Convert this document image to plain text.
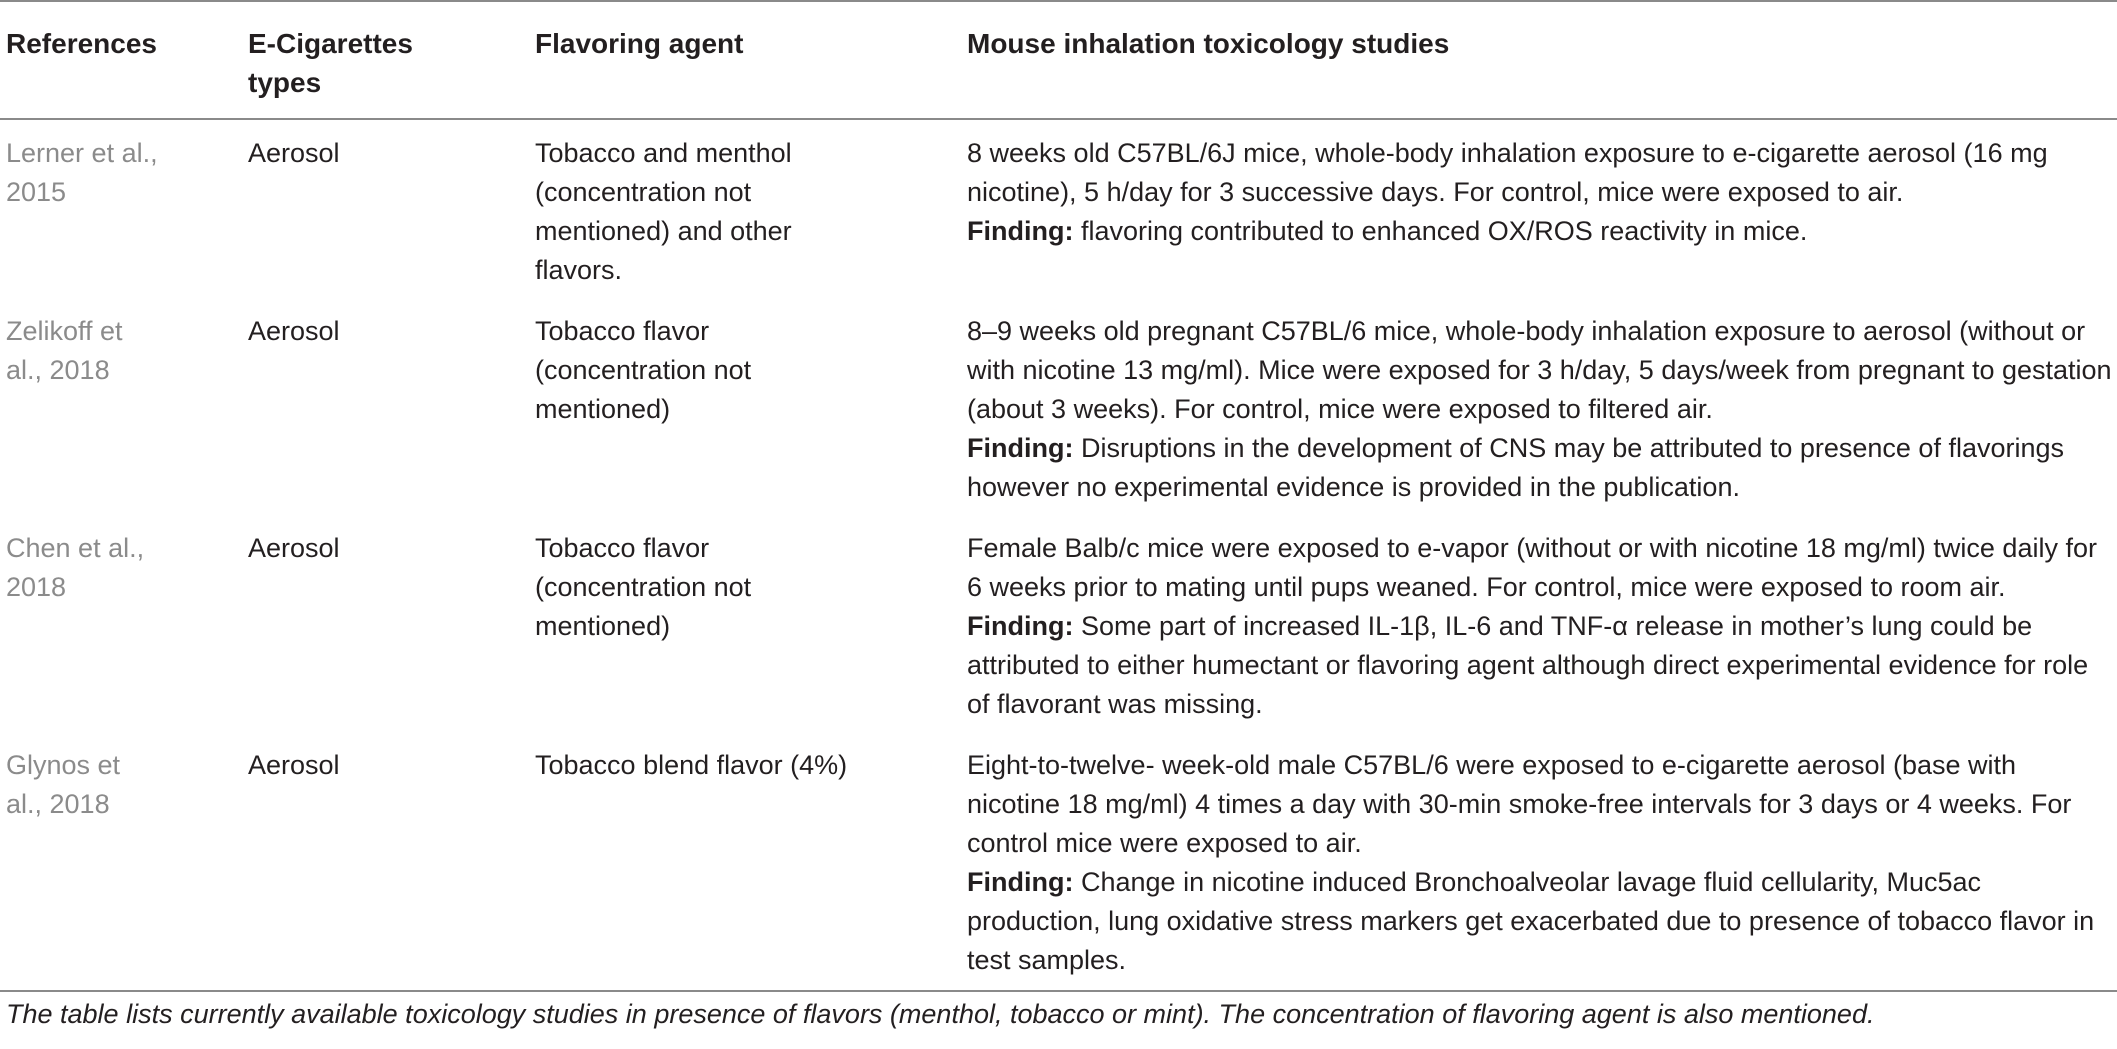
References	E-Cigarettes types	Flavoring agent	Mouse inhalation toxicology studies
Lerner et al., 2015	Aerosol	Tobacco and menthol (concentration not mentioned) and other flavors.	8 weeks old C57BL/6J mice, whole-body inhalation exposure to e-cigarette aerosol (16 mg nicotine), 5 h/day for 3 successive days. For control, mice were exposed to air.
Finding: flavoring contributed to enhanced OX/ROS reactivity in mice.

Zelikoff et al., 2018	Aerosol	Tobacco flavor (concentration not mentioned)	8–9 weeks old pregnant C57BL/6 mice, whole-body inhalation exposure to aerosol (without or with nicotine 13 mg/ml). Mice were exposed for 3 h/day, 5 days/week from pregnant to gestation (about 3 weeks). For control, mice were exposed to filtered air.
Finding: Disruptions in the development of CNS may be attributed to presence of flavorings however no experimental evidence is provided in the publication.

Chen et al., 2018	Aerosol	Tobacco flavor (concentration not mentioned)	Female Balb/c mice were exposed to e-vapor (without or with nicotine 18 mg/ml) twice daily for 6 weeks prior to mating until pups weaned. For control, mice were exposed to room air.
Finding: Some part of increased IL-1β, IL-6 and TNF-α release in mother’s lung could be attributed to either humectant or flavoring agent although direct experimental evidence for role of flavorant was missing.

Glynos et al., 2018	Aerosol	Tobacco blend flavor (4%)	Eight-to-twelve- week-old male C57BL/6 were exposed to e-cigarette aerosol (base with nicotine 18 mg/ml) 4 times a day with 30-min smoke-free intervals for 3 days or 4 weeks. For control mice were exposed to air.
Finding: Change in nicotine induced Bronchoalveolar lavage fluid cellularity, Muc5ac production, lung oxidative stress markers get exacerbated due to presence of tobacco flavor in test samples.
The table lists currently available toxicology studies in presence of flavors (menthol, tobacco or mint). The concentration of flavoring agent is also mentioned.
